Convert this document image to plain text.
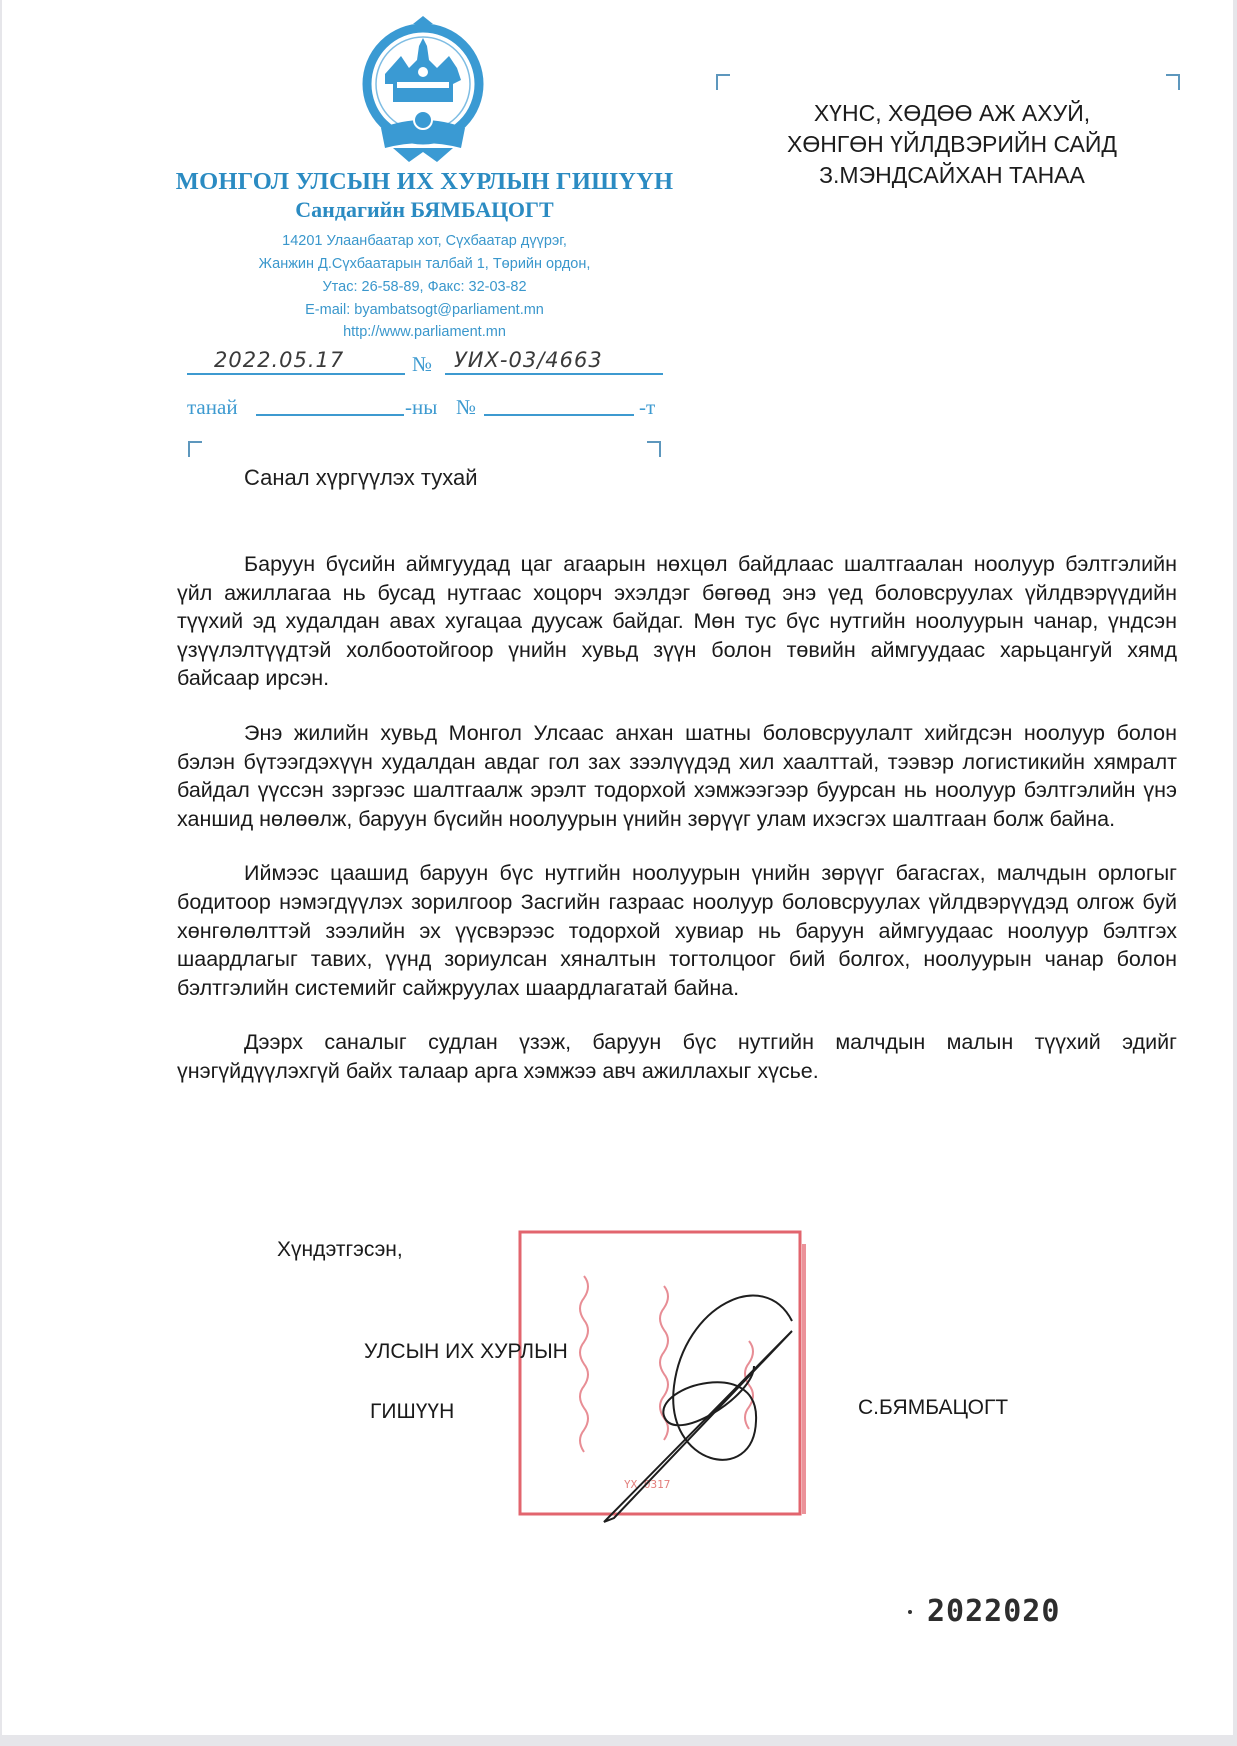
МОНГОЛ УЛСЫН ИХ ХУРЛЫН ГИШҮҮН
Сандагийн БЯМБАЦОГТ
14201 Улаанбаатар хот, Сүхбаатар дүүрэг,
Жанжин Д.Сүхбаатарын талбай 1, Төрийн ордон,
Утас: 26-58-89, Факс: 32-03-82
E-mail: byambatsogt@parliament.mn
http://www.parliament.mn
2022.05.17	№ УИХ-03/4663
танай	-ны №	-т
ХҮНС, ХӨДӨӨ АЖ АХУЙ,
ХӨНГӨН ҮЙЛДВЭРИЙН САЙД
З.МЭНДСАЙХАН ТАНАА
Санал хүргүүлэх тухай

Баруун бүсийн аймгуудад цаг агаарын нөхцөл байдлаас шалтгаалан ноолуур бэлтгэлийн үйл ажиллагаа нь бусад нутгаас хоцорч эхэлдэг бөгөөд энэ үед боловсруулах үйлдвэрүүдийн түүхий эд худалдан авах хугацаа дуусаж байдаг. Мөн тус бүс нутгийн ноолуурын чанар, үндсэн үзүүлэлтүүдтэй холбоотойгоор үнийн хувьд зүүн болон төвийн аймгуудаас харьцангуй хямд байсаар ирсэн.

Энэ жилийн хувьд Монгол Улсаас анхан шатны боловсруулалт хийгдсэн ноолуур болон бэлэн бүтээгдэхүүн худалдан авдаг гол зах зээлүүдэд хил хаалттай, тээвэр логистикийн хямралт байдал үүссэн зэргээс шалтгаалж эрэлт тодорхой хэмжээгээр буурсан нь ноолуур бэлтгэлийн үнэ ханшид нөлөөлж, баруун бүсийн ноолуурын үнийн зөрүүг улам ихэсгэх шалтгаан болж байна.

Иймээс цаашид баруун бүс нутгийн ноолуурын үнийн зөрүүг багасгах, малчдын орлогыг бодитоор нэмэгдүүлэх зорилгоор Засгийн газраас ноолуур боловсруулах үйлдвэрүүдэд олгож буй хөнгөлөлттэй зээлийн эх үүсвэрээс тодорхой хувиар нь баруун аймгуудаас ноолуур бэлтгэх шаардлагыг тавих, үүнд зориулсан хяналтын тогтолцоог бий болгох, ноолуурын чанар болон бэлтгэлийн системийг сайжруулах шаардлагатай байна.

Дээрх саналыг судлан үзэж, баруун бүс нутгийн малчдын малын түүхий эдийг үнэгүйдүүлэхгүй байх талаар арга хэмжээ авч ажиллахыг хүсье.

Хүндэтгэсэн,
YX-0317
УЛСЫН ИХ ХУРЛЫН
ГИШҮҮН	С.БЯМБАЦОГТ
2022020
